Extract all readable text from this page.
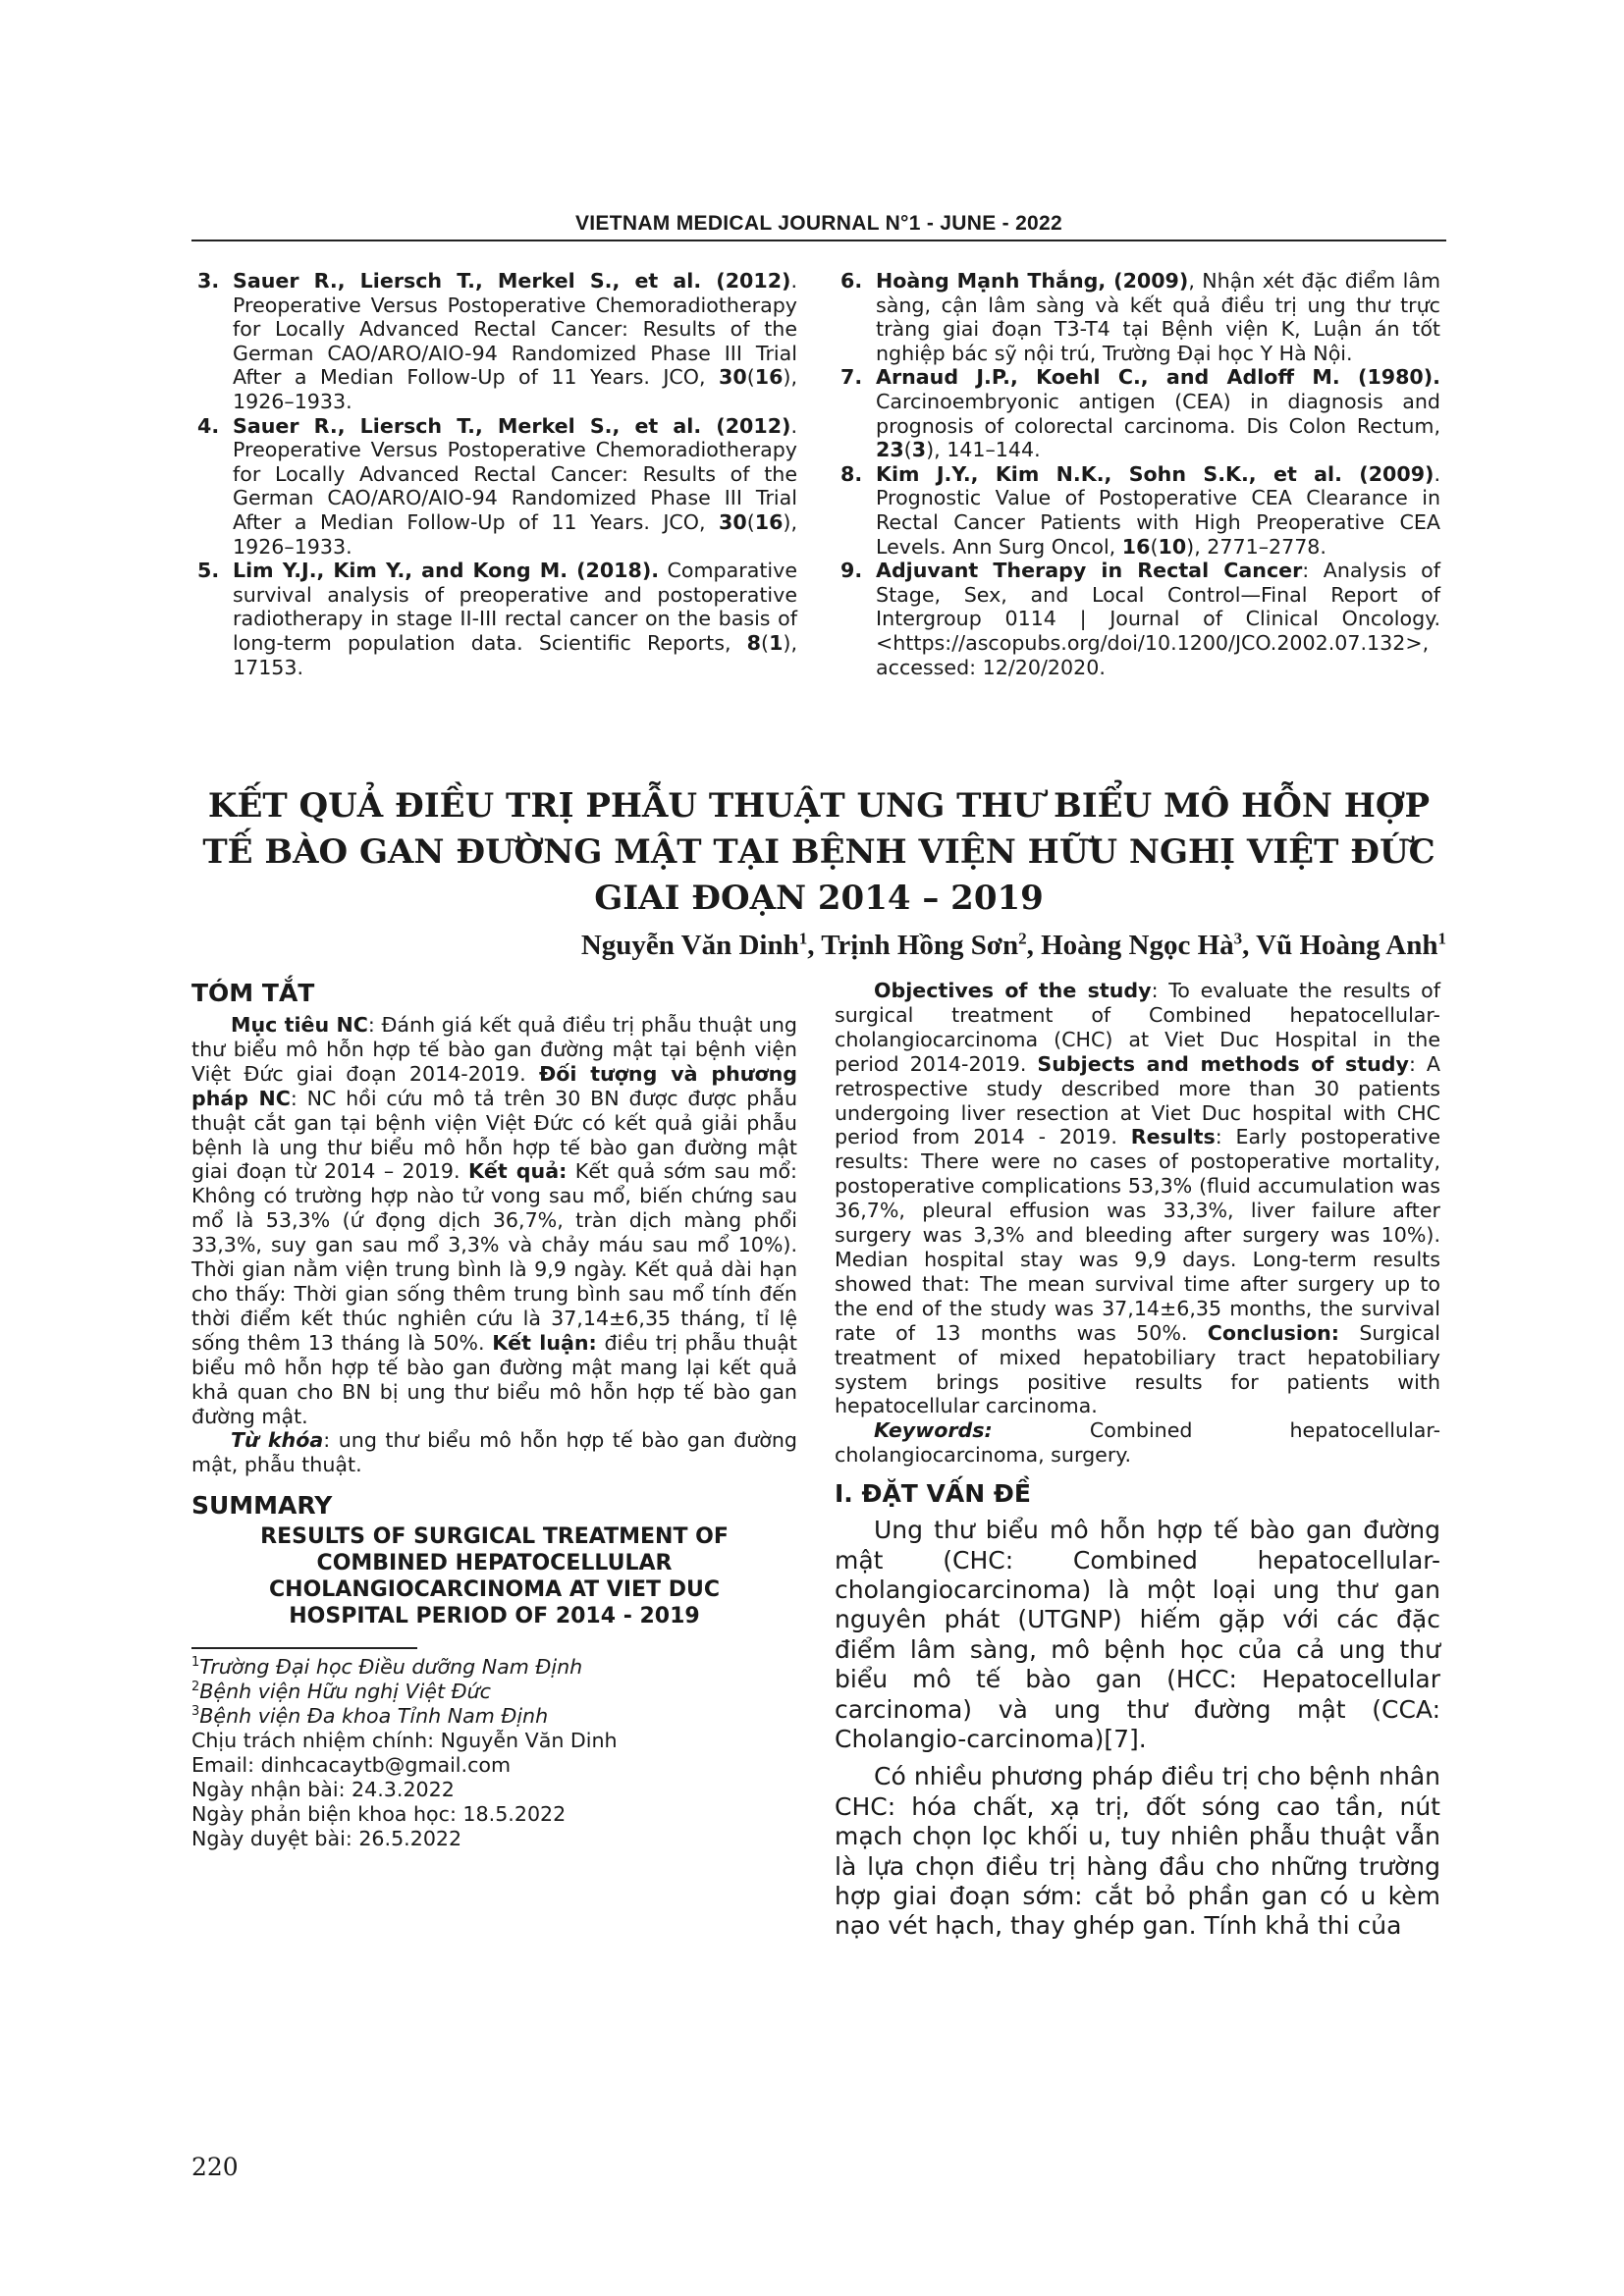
VIETNAM MEDICAL JOURNAL N°1 - JUNE - 2022
3. Sauer R., Liersch T., Merkel S., et al. (2012). Preoperative Versus Postoperative Chemoradiotherapy for Locally Advanced Rectal Cancer: Results of the German CAO/ARO/AIO-94 Randomized Phase III Trial After a Median Follow-Up of 11 Years. JCO, 30(16), 1926–1933.
4. Sauer R., Liersch T., Merkel S., et al. (2012). Preoperative Versus Postoperative Chemoradiotherapy for Locally Advanced Rectal Cancer: Results of the German CAO/ARO/AIO-94 Randomized Phase III Trial After a Median Follow-Up of 11 Years. JCO, 30(16), 1926–1933.
5. Lim Y.J., Kim Y., and Kong M. (2018). Comparative survival analysis of preoperative and postoperative radiotherapy in stage II-III rectal cancer on the basis of long-term population data. Scientific Reports, 8(1), 17153.
6. Hoàng Mạnh Thắng, (2009), Nhận xét đặc điểm lâm sàng, cận lâm sàng và kết quả điều trị ung thư trực tràng giai đoạn T3-T4 tại Bệnh viện K, Luận án tốt nghiệp bác sỹ nội trú, Trường Đại học Y Hà Nội.
7. Arnaud J.P., Koehl C., and Adloff M. (1980). Carcinoembryonic antigen (CEA) in diagnosis and prognosis of colorectal carcinoma. Dis Colon Rectum, 23(3), 141–144.
8. Kim J.Y., Kim N.K., Sohn S.K., et al. (2009). Prognostic Value of Postoperative CEA Clearance in Rectal Cancer Patients with High Preoperative CEA Levels. Ann Surg Oncol, 16(10), 2771–2778.
9. Adjuvant Therapy in Rectal Cancer: Analysis of Stage, Sex, and Local Control—Final Report of Intergroup 0114 | Journal of Clinical Oncology. <https://ascopubs.org/doi/10.1200/JCO.2002.07.132>, accessed: 12/20/2020.
KẾT QUẢ ĐIỀU TRỊ PHẪU THUẬT UNG THƯ BIỂU MÔ HỖN HỢP
TẾ BÀO GAN ĐƯỜNG MẬT TẠI BỆNH VIỆN HỮU NGHỊ VIỆT ĐỨC
GIAI ĐOẠN 2014 – 2019
Nguyễn Văn Dinh$^1$, Trịnh Hồng Sơn$^2$, Hoàng Ngọc $Hà^3$, Vũ Hoàng Anh$^1$
TÓM TẮT
Mục tiêu NC: Đánh giá kết quả điều trị phẫu thuật ung thư biểu mô hỗn hợp tế bào gan đường mật tại bệnh viện Việt Đức giai đoạn 2014-2019. Đối tượng và phương pháp NC: NC hồi cứu mô tả trên 30 BN được được phẫu thuật cắt gan tại bệnh viện Việt Đức có kết quả giải phẫu bệnh là ung thư biểu mô hỗn hợp tế bào gan đường mật giai đoạn từ 2014 – 2019. Kết quả: Kết quả sớm sau mổ: Không có trường hợp nào tử vong sau mổ, biến chứng sau mổ là 53,3% (ứ đọng dịch 36,7%, tràn dịch màng phổi 33,3%, suy gan sau mổ 3,3% và chảy máu sau mổ 10%). Thời gian nằm viện trung bình là 9,9 ngày. Kết quả dài hạn cho thấy: Thời gian sống thêm trung bình sau mổ tính đến thời điểm kết thúc nghiên cứu là 37,14±6,35 tháng, tỉ lệ sống thêm 13 tháng là 50%. Kết luận: điều trị phẫu thuật biểu mô hỗn hợp tế bào gan đường mật mang lại kết quả khả quan cho BN bị ung thư biểu mô hỗn hợp tế bào gan đường mật.
Từ khóa: ung thư biểu mô hỗn hợp tế bào gan đường mật, phẫu thuật.
SUMMARY
RESULTS OF SURGICAL TREATMENT OF COMBINED HEPATOCELLULAR CHOLANGIOCARCINOMA AT VIET DUC HOSPITAL PERIOD OF 2014 - 2019
$^1$Trường Đại học Điều dưỡng Nam Định
$^2$Bệnh viện Hữu nghị Việt Đức
$^3$Bệnh viện Đa khoa Tỉnh Nam Định
Chịu trách nhiệm chính: Nguyễn Văn Dinh
Email: dinhcacaytb@gmail.com
Ngày nhận bài: 24.3.2022
Ngày phản biện khoa học: 18.5.2022
Ngày duyệt bài: 26.5.2022
Objectives of the study: To evaluate the results of surgical treatment of Combined hepatocellular-cholangiocarcinoma (CHC) at Viet Duc Hospital in the period 2014-2019. Subjects and methods of study: A retrospective study described more than 30 patients undergoing liver resection at Viet Duc hospital with CHC period from 2014 - 2019. Results: Early postoperative results: There were no cases of postoperative mortality, postoperative complications 53,3% (fluid accumulation was 36,7%, pleural effusion was 33,3%, liver failure after surgery was 3,3% and bleeding after surgery was 10%). Median hospital stay was 9,9 days. Long-term results showed that: The mean survival time after surgery up to the end of the study was 37,14±6,35 months, the survival rate of 13 months was 50%. Conclusion: Surgical treatment of mixed hepatobiliary tract hepatobiliary system brings positive results for patients with hepatocellular carcinoma.
Keywords: Combined hepatocellular-cholangiocarcinoma, surgery.
I. ĐẶT VẤN ĐỀ
Ung thư biểu mô hỗn hợp tế bào gan đường mật (CHC: Combined hepatocellular-cholangiocarcinoma) là một loại ung thư gan nguyên phát (UTGNP) hiếm gặp với các đặc điểm lâm sàng, mô bệnh học của cả ung thư biểu mô tế bào gan (HCC: Hepatocellular carcinoma) và ung thư đường mật (CCA: Cholangio-carcinoma)[7].
Có nhiều phương pháp điều trị cho bệnh nhân CHC: hóa chất, xạ trị, đốt sóng cao tần, nút mạch chọn lọc khối u, tuy nhiên phẫu thuật vẫn là lựa chọn điều trị hàng đầu cho những trường hợp giai đoạn sớm: cắt bỏ phần gan có u kèm nạo vét hạch, thay ghép gan. Tính khả thi của
220
